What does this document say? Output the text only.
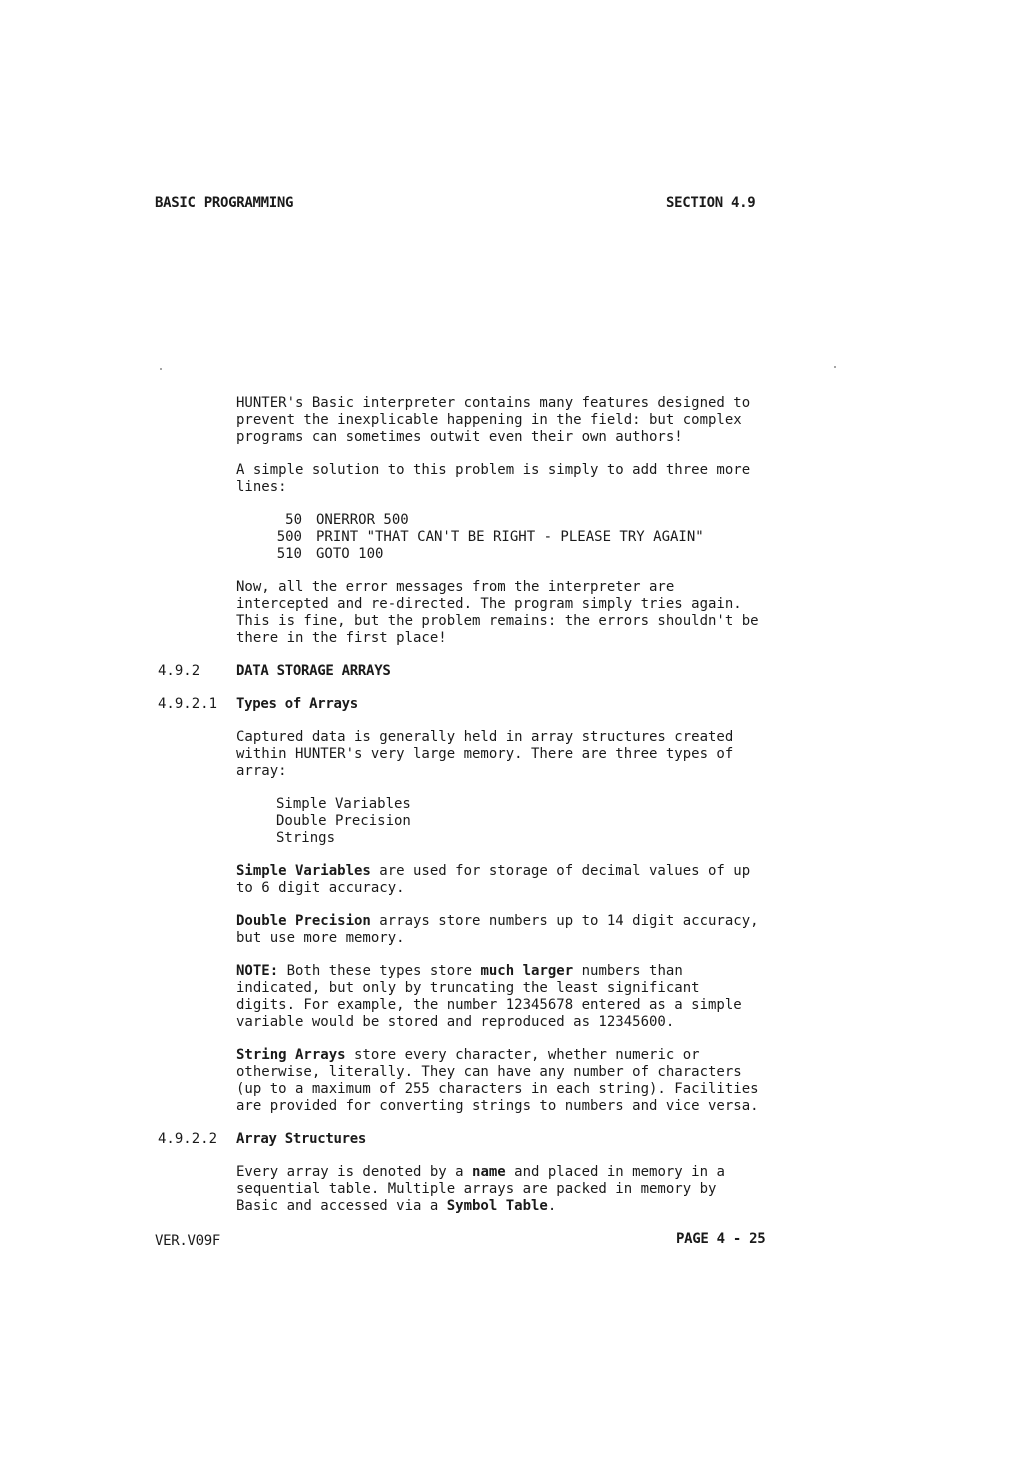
BASIC PROGRAMMING	SECTION 4.9
HUNTER's Basic interpreter contains many features designed to prevent the inexplicable happening in the field: but complex programs can sometimes outwit even their own authors!
A simple solution to this problem is simply to add three more lines:
50 ONERROR 500
500 PRINT "THAT CAN'T BE RIGHT - PLEASE TRY AGAIN"
510 GOTO 100
Now, all the error messages from the interpreter are intercepted and re-directed. The program simply tries again. This is fine, but the problem remains: the errors shouldn't be there in the first place!
4.9.2	DATA STORAGE ARRAYS
4.9.2.1 Types of Arrays
Captured data is generally held in array structures created within HUNTER's very large memory. There are three types of array:
Simple Variables
Double Precision
Strings
Simple Variables are used for storage of decimal values of up to 6 digit accuracy.
Double Precision arrays store numbers up to 14 digit accuracy, but use more memory.
NOTE: Both these types store much larger numbers than indicated, but only by truncating the least significant digits. For example, the number 12345678 entered as a simple variable would be stored and reproduced as 12345600.
String Arrays store every character, whether numeric or otherwise, literally. They can have any number of characters (up to a maximum of 255 characters in each string). Facilities are provided for converting strings to numbers and vice versa.
4.9.2.2 Array Structures
Every array is denoted by a name and placed in memory in a sequential table. Multiple arrays are packed in memory by Basic and accessed via a Symbol Table.
VER.V09F	PAGE 4 - 25
